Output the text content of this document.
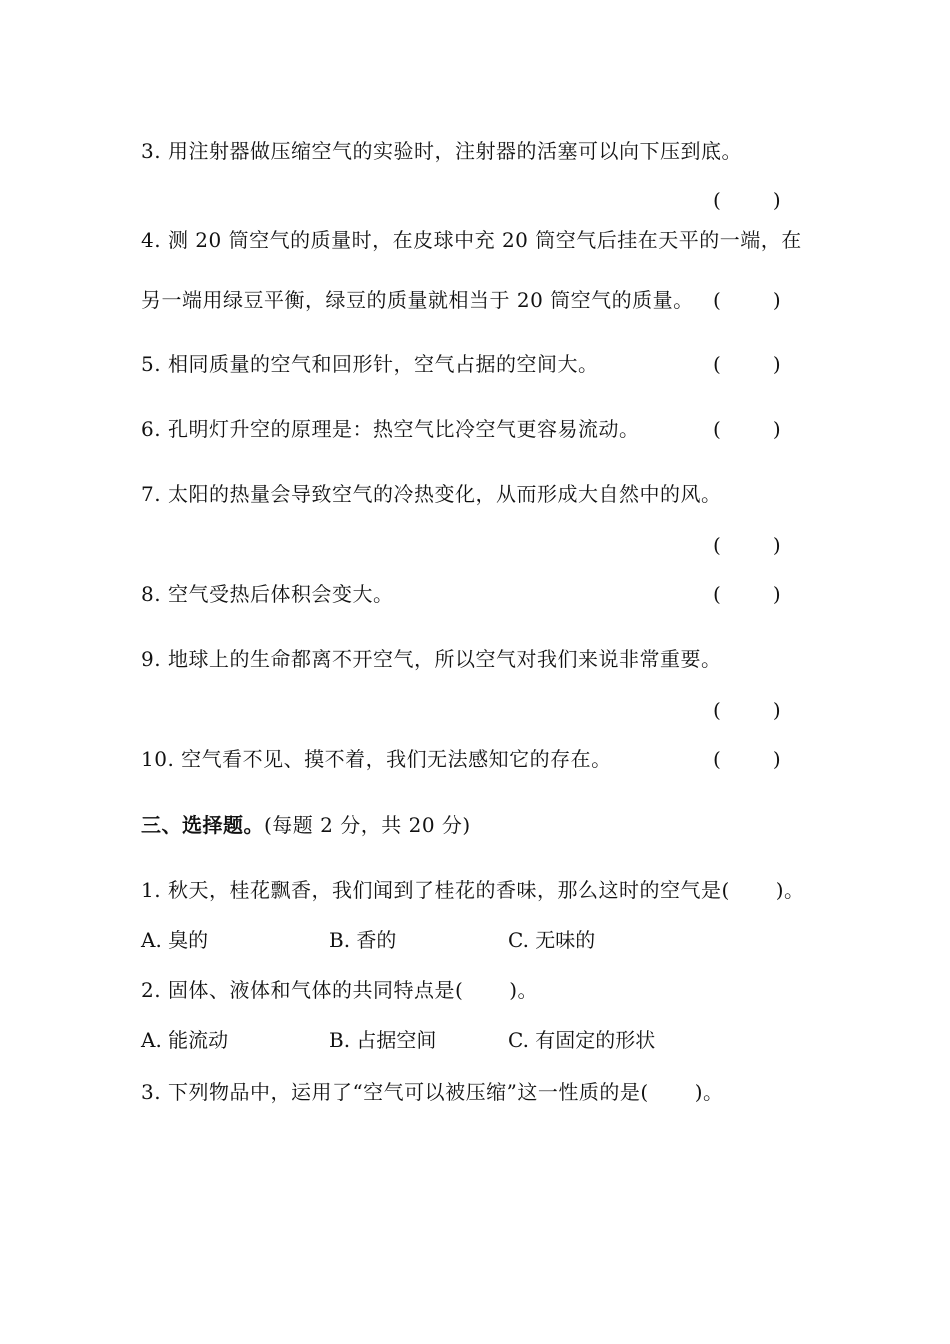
3. 用注射器做压缩空气的实验时，注射器的活塞可以向下压到底。
(	)
4. 测 20 筒空气的质量时，在皮球中充 20 筒空气后挂在天平的一端，在
另一端用绿豆平衡，绿豆的质量就相当于 20 筒空气的质量。 (	)
5. 相同质量的空气和回形针，空气占据的空间大。	(	)
6. 孔明灯升空的原理是：热空气比冷空气更容易流动。	(	)
7. 太阳的热量会导致空气的冷热变化，从而形成大自然中的风。
(	)
8. 空气受热后体积会变大。	(	)
9. 地球上的生命都离不开空气，所以空气对我们来说非常重要。
(	)
10. 空气看不见、摸不着，我们无法感知它的存在。	(	)
三、选择题。(每题 2 分，共 20 分)
1. 秋天，桂花飘香，我们闻到了桂花的香味，那么这时的空气是( )。
A. 臭的	B. 香的	C. 无味的
2. 固体、液体和气体的共同特点是( )。
A. 能流动	B. 占据空间	C. 有固定的形状
3. 下列物品中，运用了“空气可以被压缩”这一性质的是( )。
